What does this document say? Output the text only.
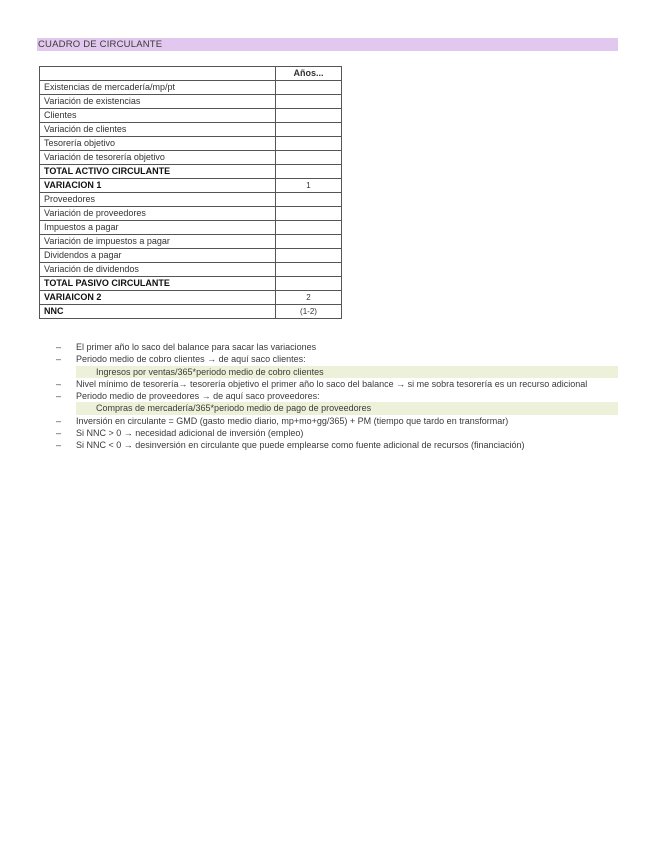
CUADRO DE CIRCULANTE
	Años...
Existencias de mercadería/mp/pt	
Variación de existencias	
Clientes	
Variación de clientes	
Tesorería objetivo	
Variación de tesorería objetivo	
TOTAL ACTIVO CIRCULANTE	
VARIACION 1	1
Proveedores	
Variación de proveedores	
Impuestos a pagar	
Variación de impuestos a pagar	
Dividendos a pagar	
Variación de dividendos	
TOTAL PASIVO CIRCULANTE	
VARIAICON 2	2
NNC	(1-2)
– El primer año lo saco del balance para sacar las variaciones
– Periodo medio de cobro clientes → de aquí saco clientes:
Ingresos por ventas/365*periodo medio de cobro clientes
– Nivel mínimo de tesorería→ tesorería objetivo el primer año lo saco del balance → si me sobra tesorería es un recurso adicional
– Periodo medio de proveedores → de aquí saco proveedores:
Compras de mercadería/365*periodo medio de pago de proveedores
– Inversión en circulante = GMD (gasto medio diario, mp+mo+gg/365) + PM (tiempo que tardo en transformar)
– Si NNC > 0 → necesidad adicional de inversión (empleo)
– Si NNC < 0 → desinversión en circulante que puede emplearse como fuente adicional de recursos (financiación)
